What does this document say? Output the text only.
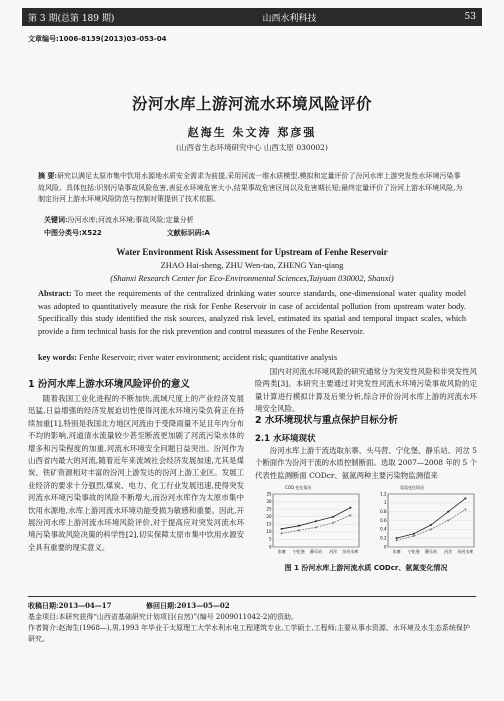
第 3 期(总第 189 期)	山西水利科技	53
文章编号:1006-8139(2013)03-053-04
汾河水库上游河流水环境风险评价
赵海生 朱文涛 郑彦强
(山西省生态环境研究中心 山西太原 030002)
摘 要:研究以满足太原市集中饮用水源地水质安全需求为前提,采用河流一维水质模型,模拟和定量评价了汾河水库上游突发性水环境污染事故风险。具体包括:识别污染事故风险危害,表征水环境危害大小,结果事故危害区间以及危害期长短;最终定量评价了汾河上游水环境风险,为制定汾河上游水环境风险防范与控制对策提供了技术依据。
关键词:汾河水库;河流水环境;事故风险;定量分析
中图分类号:X522	文献标识码:A
Water Environment Risk Assessment for Upstream of Fenhe Reservoir
ZHAO Hai-sheng, ZHU Wen-tao, ZHENG Yan-qiang
(Shanxi Research Center for Eco-Environmental Sciences,Taiyuan 030002, Shanxi)
Abstract: To meet the requirements of the centralized drinking water source standards, one-dimensional water quality model was adopted to quantitatively measure the risk for Fenhe Reservoir in case of accidental pollution from upstream water body. Specifically this study identified the risk sources, analyzed risk level, estimated its spatial and temporal impact scales, which provide a firm technical basis for the risk prevention and control measures of the Fenhe Reservoir.
key words: Fenhe Reservoir; river water environment; accident risk; quantitative analysis
1 汾河水库上游水环境风险评价的意义
随着我国工业化进程的不断加快,流域尺度上的产业经济发展迅猛,日益增强的经济发展迫切性使得河流水环境污染负荷正在持续加重[1],特别是我国北方地区河流由于受降雨量不足且年内分布不均的影响,河道清水流量较少甚至断流更加剧了河流污染水体的增多和污染程度的加重,河流水环境安全问题日益突出。汾河作为山西省内最大的河流,随着近年来流域社会经济发展加速,尤其是煤炭、铁矿资源相对丰富的汾河上游发达的汾河上游工业区。发展工业经济的要求十分强烈,煤炭、电力、化工行业发展迅速,使得突发河流水环境污染事故的风险不断增大,而汾河水库作为太原市集中饮用水源地,水库上游河流水环境功能受损为敏感和重要。因此,开展汾河水库上游河流水环境风险评价,对于提高应对突发河流水环境污染事故风险决策的科学性[2],切实保障太原市集中饮用水源安全具有重要的现实意义。
国内对河流水环境风险的研究通常分为突发性风险和非突发性风险两类[3]。本研究主要通过对突发性河流水环境污染事故风险的定量计算进行模拟计算及后果分析,综合评价汾河水库上游的河流水环境安全风险。
2 水环境现状与重点保护目标分析
2.1 水环境现状
汾河水库上游干流选取东寨、头马营、宁化堡、静乐站、河岔 5 个断面作为汾河干流的水质控制断面。选取 2007—2008 年的 5 个代表性监测断面 CODcr、氨氮两种主要污染物监测值来
COD 变化情况
35
30
25
20
15
10
5
0
东寨 宁化堡 静乐站 河岔 汾河水库
氨氮变化情况
1.2
1
0.8
0.6
0.4
0.2
0
东寨 宁化堡 静乐站 河岔 汾河水库
图 1 汾河水库上游河流水质 CODcr、氨氮变化情况
收稿日期:2013—04—17	修回日期:2013—05—02
基金项目:本研究获得“山西省基础研究计划项目(自然)”(编号 2009011042-2)的资助。
作者简介:赵海生(1968—),男,1993 年毕业于太原理工大学水利水电工程建筑专业,工学硕士,工程师;主要从事水资源、水环境及水生态系统保护研究。
